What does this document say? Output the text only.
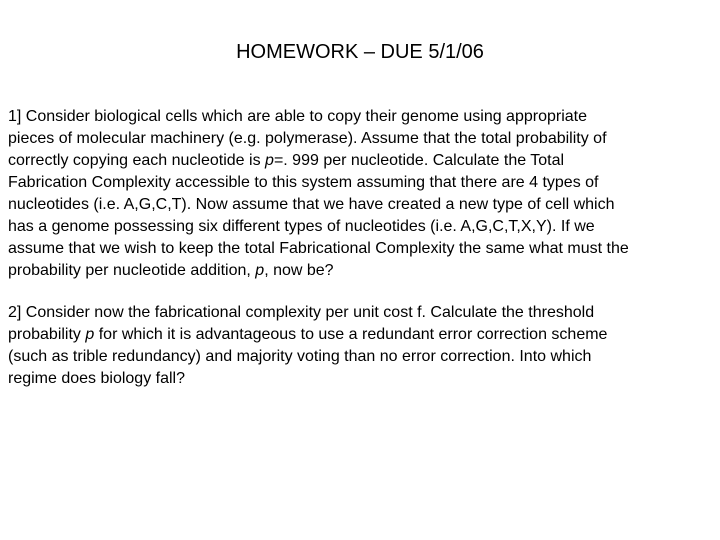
HOMEWORK – DUE 5/1/06

1] Consider biological cells which are able to copy their genome using appropriate
pieces of molecular machinery (e.g. polymerase). Assume that the total probability of
correctly copying each nucleotide is p=. 999 per nucleotide. Calculate the Total
Fabrication Complexity accessible to this system assuming that there are 4 types of
nucleotides (i.e. A,G,C,T). Now assume that we have created a new type of cell which
has a genome possessing six different types of nucleotides (i.e. A,G,C,T,X,Y). If we
assume that we wish to keep the total Fabricational Complexity the same what must the
probability per nucleotide addition, p, now be?

2] Consider now the fabricational complexity per unit cost f. Calculate the threshold
probability p for which it is advantageous to use a redundant error correction scheme
(such as trible redundancy) and majority voting than no error correction. Into which
regime does biology fall?
